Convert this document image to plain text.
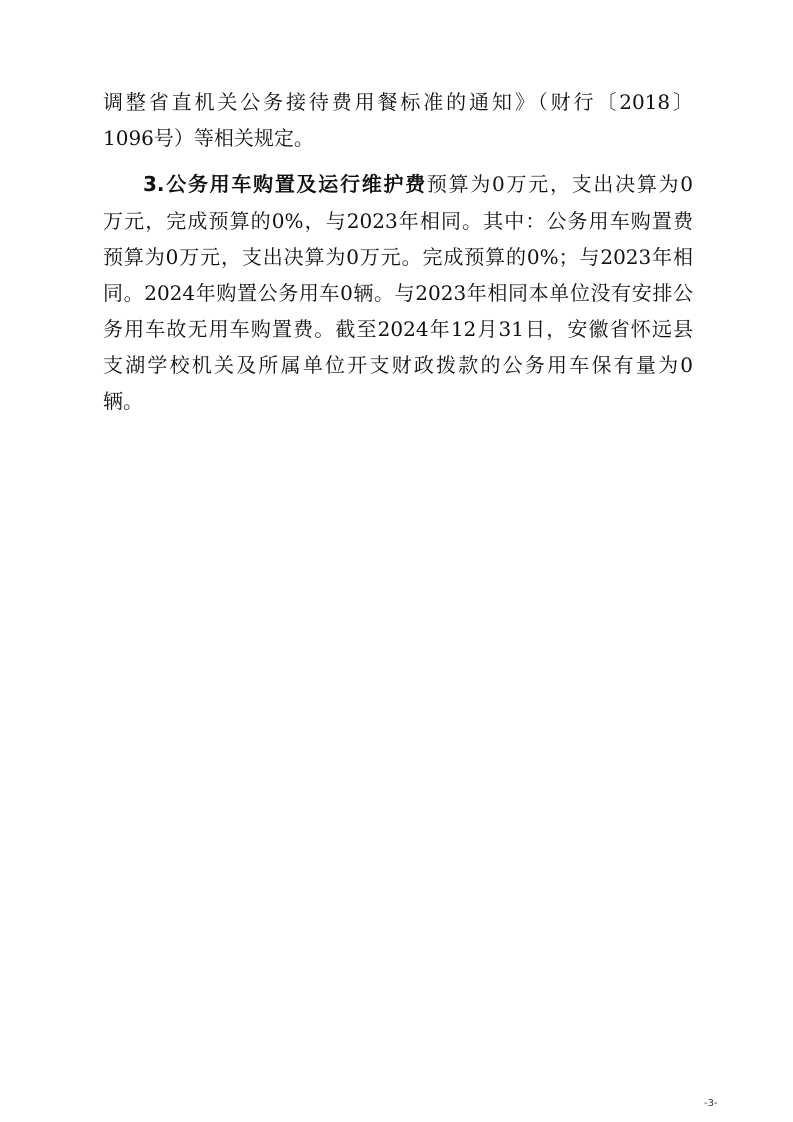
调整省直机关公务接待费用餐标准的通知》（财行〔2018〕
1096号）等相关规定。
3.公务用车购置及运行维护费预算为0万元，支出决算为0
万元，完成预算的0%，与2023年相同。其中：公务用车购置费
预算为0万元，支出决算为0万元。完成预算的0%；与2023年相
同。2024年购置公务用车0辆。与2023年相同本单位没有安排公
务用车故无用车购置费。截至2024年12月31日，安徽省怀远县
支湖学校机关及所属单位开支财政拨款的公务用车保有量为0
辆。
-3-
